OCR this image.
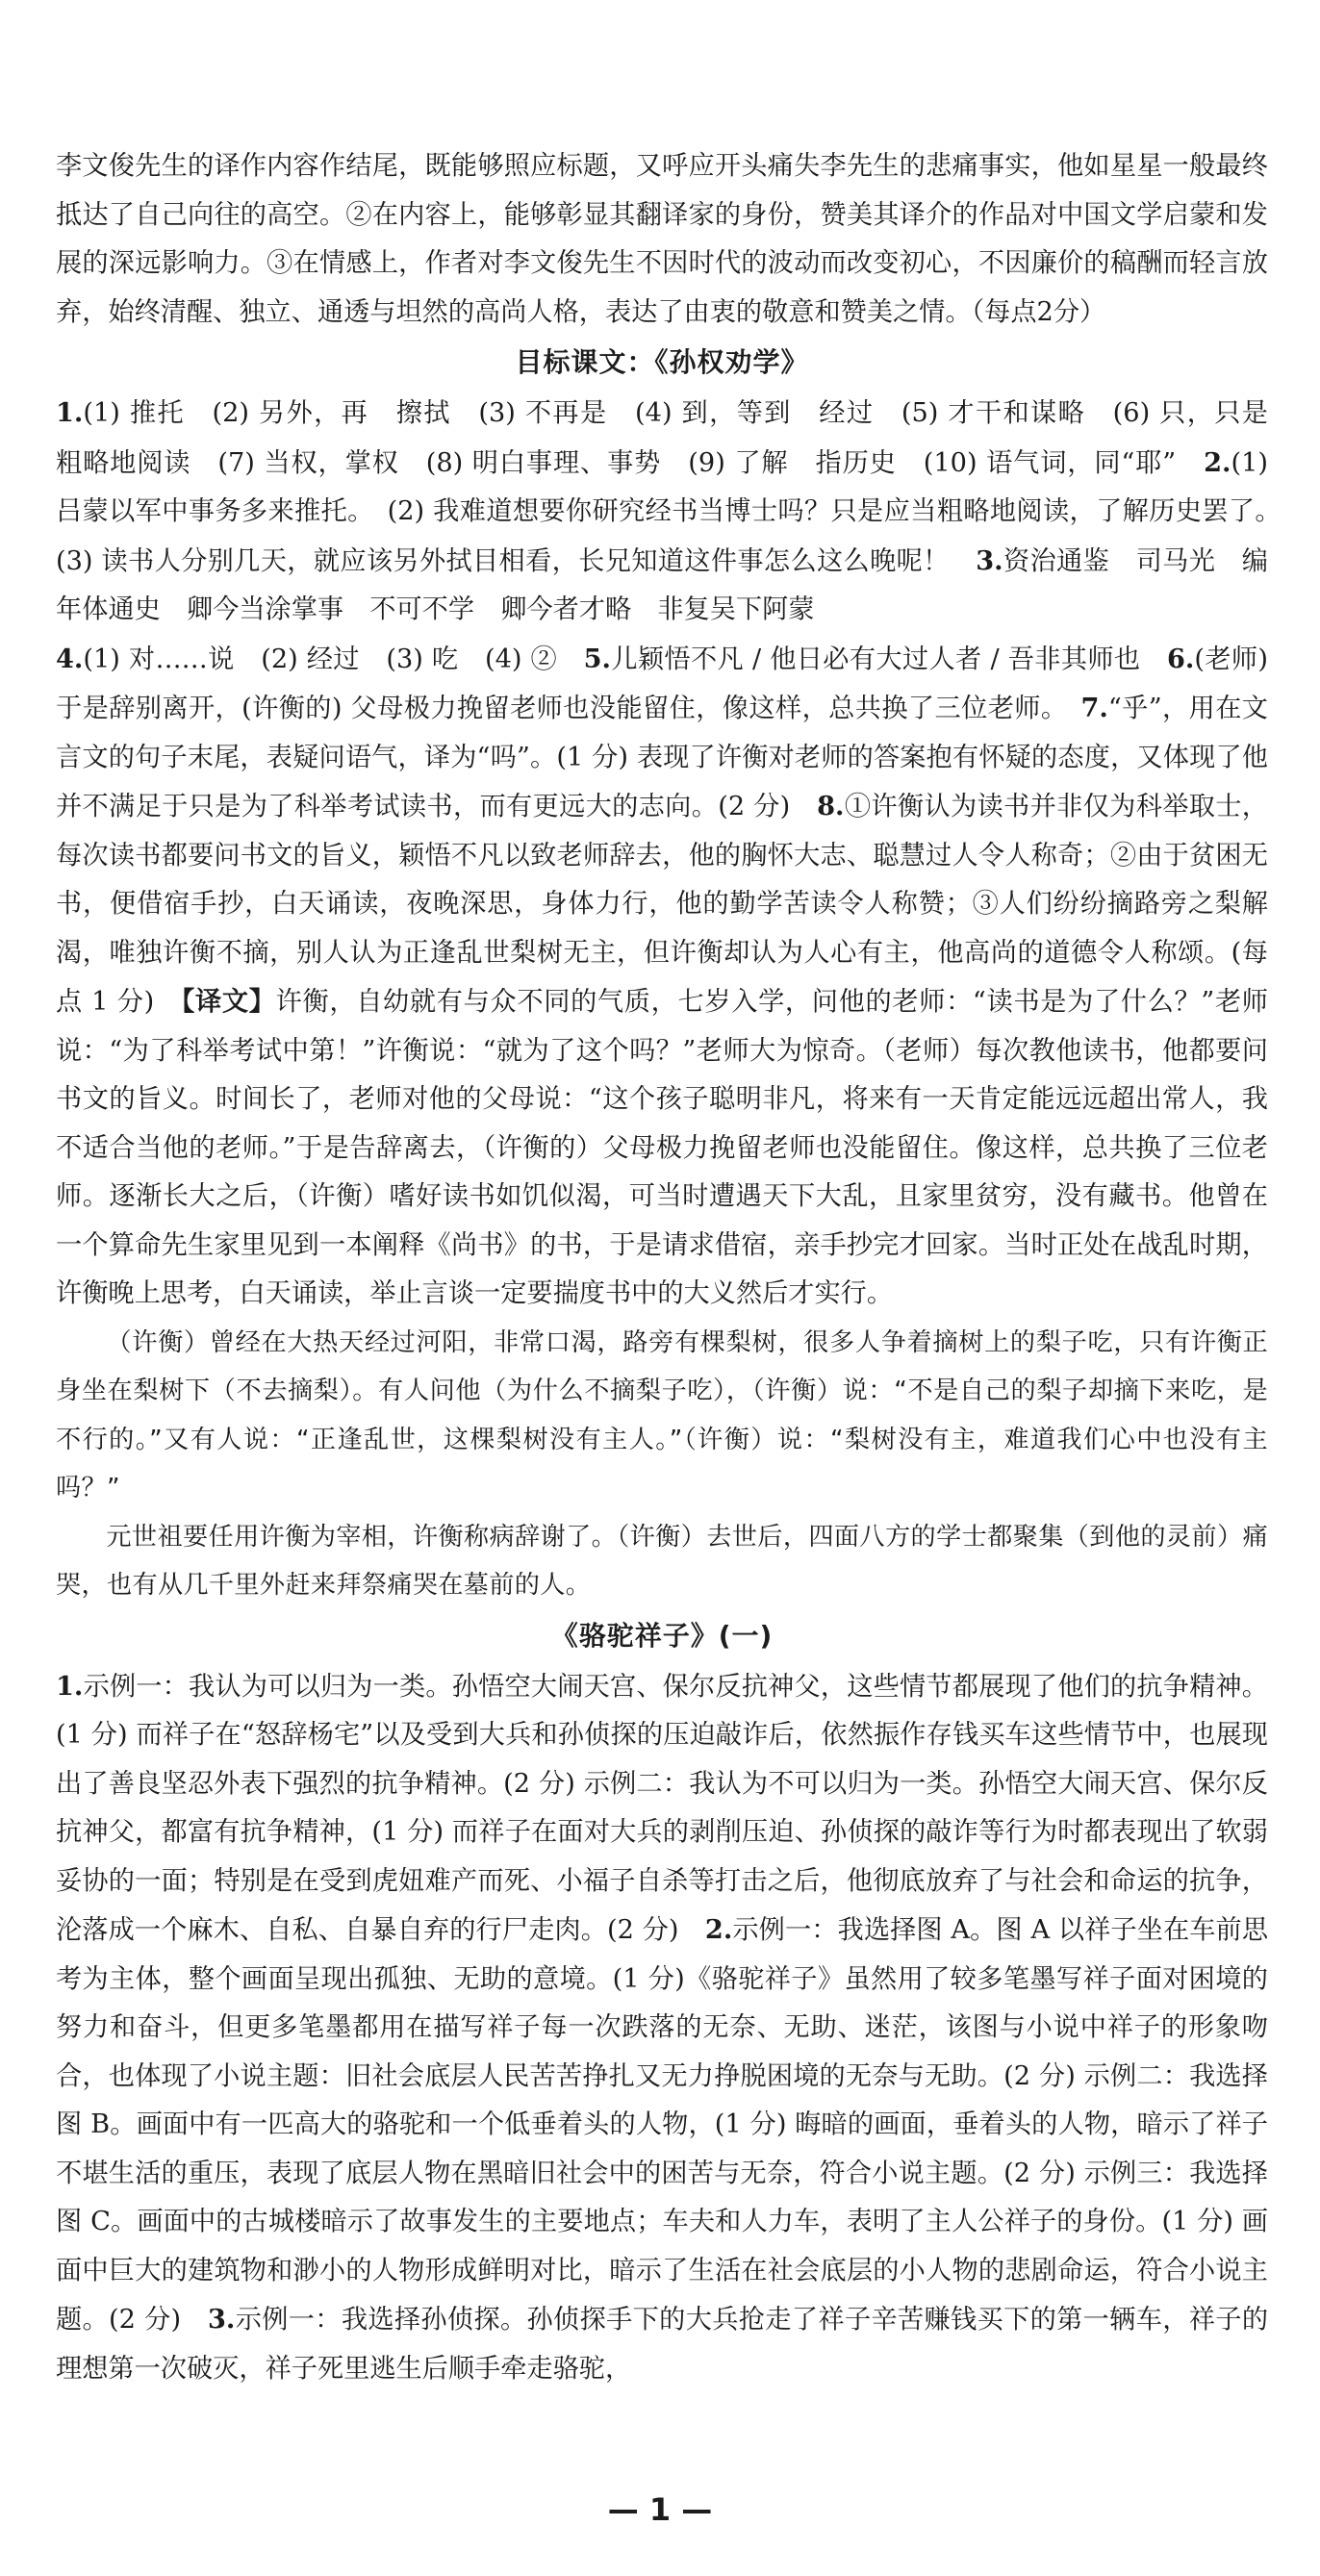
李文俊先生的译作内容作结尾，既能够照应标题，又呼应开头痛失李先生的悲痛事实，他如星星一般最终抵达了自己向往的高空。②在内容上，能够彰显其翻译家的身份，赞美其译介的作品对中国文学启蒙和发展的深远影响力。③在情感上，作者对李文俊先生不因时代的波动而改变初心，不因廉价的稿酬而轻言放弃，始终清醒、独立、通透与坦然的高尚人格，表达了由衷的敬意和赞美之情。（每点2分）

目标课文：《孙权劝学》

1.(1) 推托　(2) 另外，再　擦拭　(3) 不再是　(4) 到，等到　经过　(5) 才干和谋略　(6) 只，只是　粗略地阅读　(7) 当权，掌权　(8) 明白事理、事势　(9) 了解　指历史　(10) 语气词，同“耶”　2.(1) 吕蒙以军中事务多来推托。　(2) 我难道想要你研究经书当博士吗？只是应当粗略地阅读，了解历史罢了。　(3) 读书人分别几天，就应该另外拭目相看，长兄知道这件事怎么这么晚呢！　3.资治通鉴　司马光　编年体通史　卿今当涂掌事　不可不学　卿今者才略　非复吴下阿蒙

4.(1) 对……说　(2) 经过　(3) 吃　(4) ②　5.儿颖悟不凡 / 他日必有大过人者 / 吾非其师也　6.(老师) 于是辞别离开，(许衡的) 父母极力挽留老师也没能留住，像这样，总共换了三位老师。　7.“乎”，用在文言文的句子末尾，表疑问语气，译为“吗”。(1 分) 表现了许衡对老师的答案抱有怀疑的态度，又体现了他并不满足于只是为了科举考试读书，而有更远大的志向。(2 分)　8.①许衡认为读书并非仅为科举取士，每次读书都要问书文的旨义，颖悟不凡以致老师辞去，他的胸怀大志、聪慧过人令人称奇；②由于贫困无书，便借宿手抄，白天诵读，夜晚深思，身体力行，他的勤学苦读令人称赞；③人们纷纷摘路旁之梨解渴，唯独许衡不摘，别人认为正逢乱世梨树无主，但许衡却认为人心有主，他高尚的道德令人称颂。(每点 1 分)　【译文】许衡，自幼就有与众不同的气质，七岁入学，问他的老师：“读书是为了什么？”老师说：“为了科举考试中第！”许衡说：“就为了这个吗？”老师大为惊奇。（老师）每次教他读书，他都要问书文的旨义。时间长了，老师对他的父母说：“这个孩子聪明非凡，将来有一天肯定能远远超出常人，我不适合当他的老师。”于是告辞离去，（许衡的）父母极力挽留老师也没能留住。像这样，总共换了三位老师。逐渐长大之后，（许衡）嗜好读书如饥似渴，可当时遭遇天下大乱，且家里贫穷，没有藏书。他曾在一个算命先生家里见到一本阐释《尚书》的书，于是请求借宿，亲手抄完才回家。当时正处在战乱时期，许衡晚上思考，白天诵读，举止言谈一定要揣度书中的大义然后才实行。

（许衡）曾经在大热天经过河阳，非常口渴，路旁有棵梨树，很多人争着摘树上的梨子吃，只有许衡正身坐在梨树下（不去摘梨）。有人问他（为什么不摘梨子吃），（许衡）说：“不是自己的梨子却摘下来吃，是不行的。”又有人说：“正逢乱世，这棵梨树没有主人。”（许衡）说：“梨树没有主，难道我们心中也没有主吗？”

元世祖要任用许衡为宰相，许衡称病辞谢了。（许衡）去世后，四面八方的学士都聚集（到他的灵前）痛哭，也有从几千里外赶来拜祭痛哭在墓前的人。

《骆驼祥子》(一)

1.示例一：我认为可以归为一类。孙悟空大闹天宫、保尔反抗神父，这些情节都展现了他们的抗争精神。(1 分) 而祥子在“怒辞杨宅”以及受到大兵和孙侦探的压迫敲诈后，依然振作存钱买车这些情节中，也展现出了善良坚忍外表下强烈的抗争精神。(2 分) 示例二：我认为不可以归为一类。孙悟空大闹天宫、保尔反抗神父，都富有抗争精神，(1 分) 而祥子在面对大兵的剥削压迫、孙侦探的敲诈等行为时都表现出了软弱妥协的一面；特别是在受到虎妞难产而死、小福子自杀等打击之后，他彻底放弃了与社会和命运的抗争，沦落成一个麻木、自私、自暴自弃的行尸走肉。(2 分)　2.示例一：我选择图 A。图 A 以祥子坐在车前思考为主体，整个画面呈现出孤独、无助的意境。(1 分)《骆驼祥子》虽然用了较多笔墨写祥子面对困境的努力和奋斗，但更多笔墨都用在描写祥子每一次跌落的无奈、无助、迷茫，该图与小说中祥子的形象吻合，也体现了小说主题：旧社会底层人民苦苦挣扎又无力挣脱困境的无奈与无助。(2 分) 示例二：我选择图 B。画面中有一匹高大的骆驼和一个低垂着头的人物，(1 分) 晦暗的画面，垂着头的人物，暗示了祥子不堪生活的重压，表现了底层人物在黑暗旧社会中的困苦与无奈，符合小说主题。(2 分) 示例三：我选择图 C。画面中的古城楼暗示了故事发生的主要地点；车夫和人力车，表明了主人公祥子的身份。(1 分) 画面中巨大的建筑物和渺小的人物形成鲜明对比，暗示了生活在社会底层的小人物的悲剧命运，符合小说主题。(2 分)　3.示例一：我选择孙侦探。孙侦探手下的大兵抢走了祥子辛苦赚钱买下的第一辆车，祥子的理想第一次破灭，祥子死里逃生后顺手牵走骆驼，

— 1 —
